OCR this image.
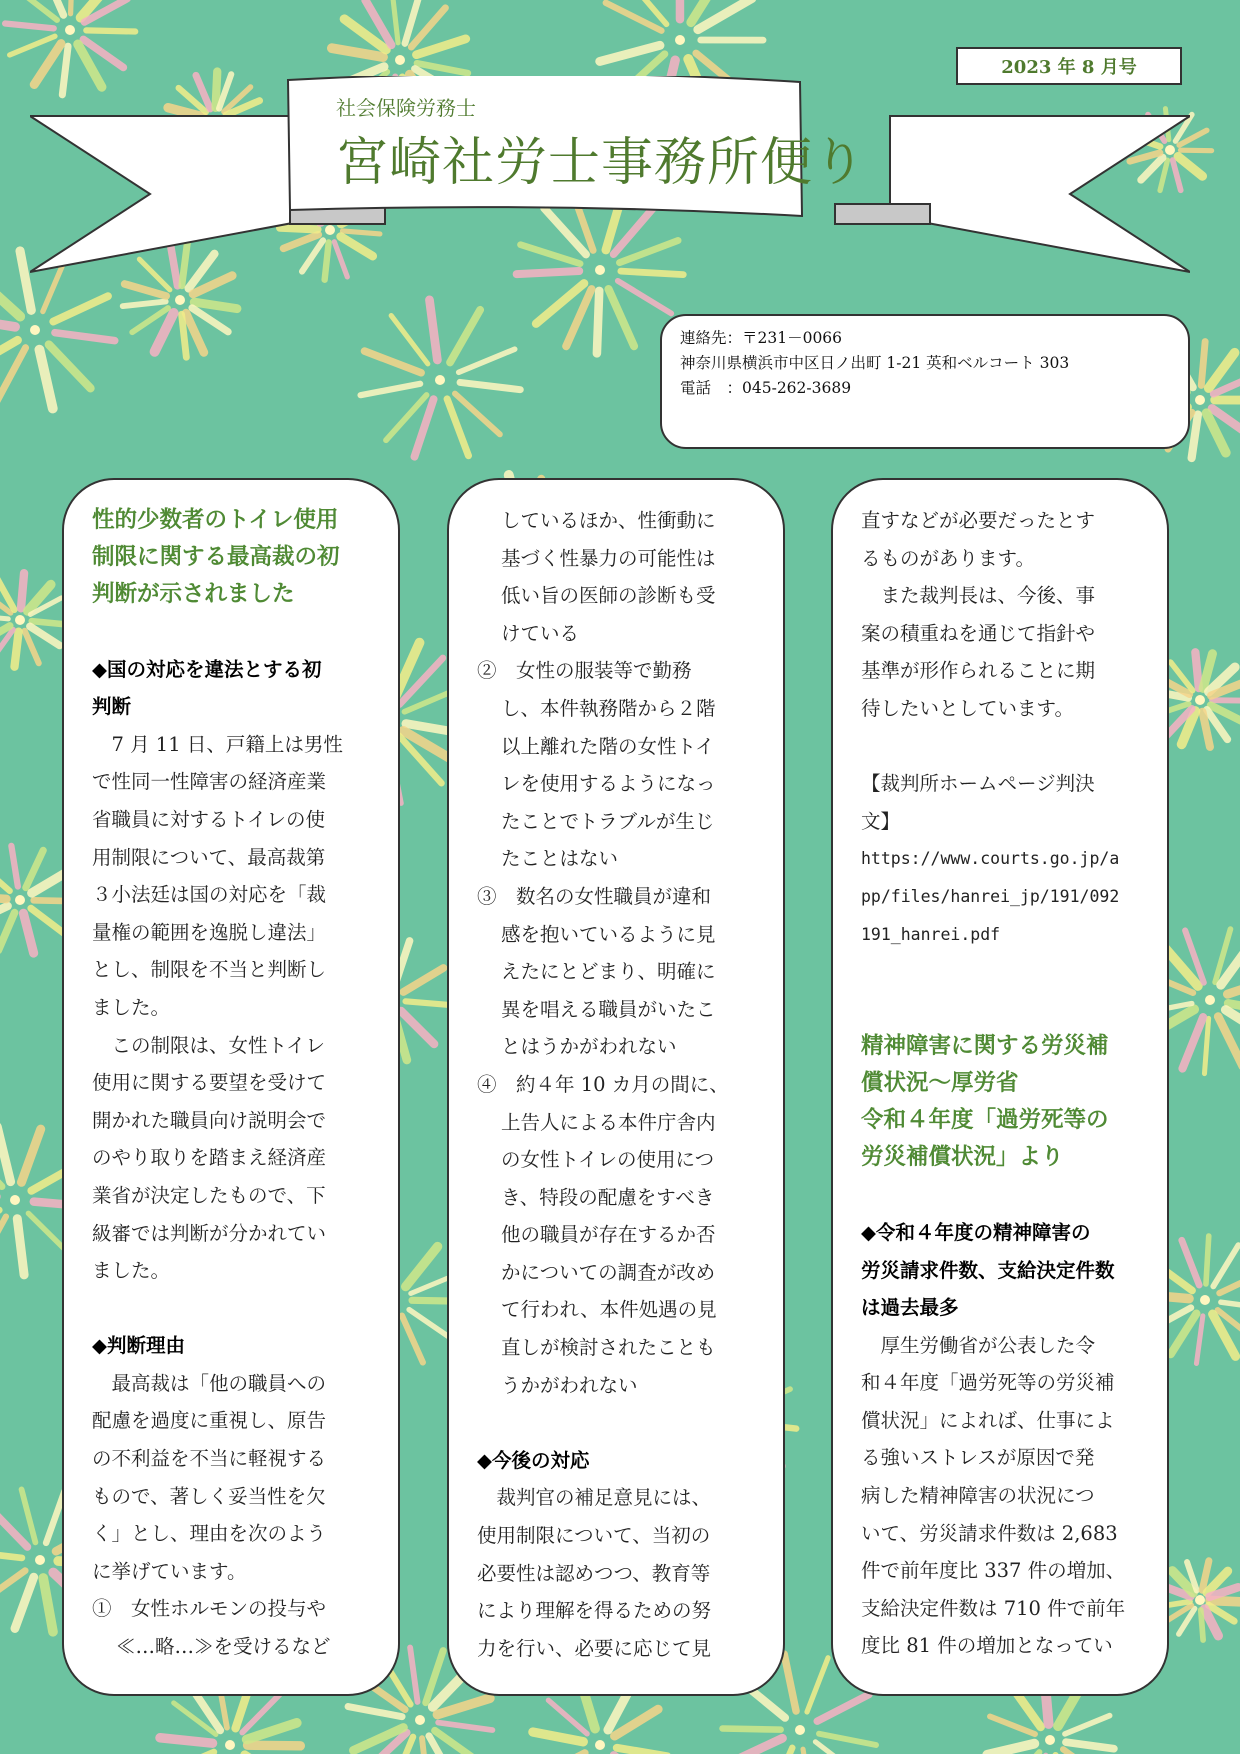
2023 年 8 月号
社会保険労務士
宮崎社労士事務所便り
連絡先：〒231－0066
神奈川県横浜市中区日ノ出町 1-21 英和ベルコート 303
電話　：045-262-3689

性的少数者のトイレ使用

制限に関する最高裁の初

判断が示されました

◆国の対応を違法とする初

判断

　7 月 11 日、戸籍上は男性

で性同一性障害の経済産業

省職員に対するトイレの使

用制限について、最高裁第

３小法廷は国の対応を「裁

量権の範囲を逸脱し違法」

とし、制限を不当と判断し

ました。

　この制限は、女性トイレ

使用に関する要望を受けて

開かれた職員向け説明会で

のやり取りを踏まえ経済産

業省が決定したもので、下

級審では判断が分かれてい

ました。

◆判断理由

　最高裁は「他の職員への

配慮を過度に重視し、原告

の不利益を不当に軽視する

もので、著しく妥当性を欠

く」とし、理由を次のよう

に挙げています。

①　女性ホルモンの投与や

≪…略…≫を受けるなど

しているほか、性衝動に

基づく性暴力の可能性は

低い旨の医師の診断も受

けている

②　女性の服装等で勤務

し、本件執務階から２階

以上離れた階の女性トイ

レを使用するようになっ

たことでトラブルが生じ

たことはない

③　数名の女性職員が違和

感を抱いているように見

えたにとどまり、明確に

異を唱える職員がいたこ

とはうかがわれない

④　約４年 10 カ月の間に、

上告人による本件庁舎内

の女性トイレの使用につ

き、特段の配慮をすべき

他の職員が存在するか否

かについての調査が改め

て行われ、本件処遇の見

直しが検討されたことも

うかがわれない

◆今後の対応

　裁判官の補足意見には、

使用制限について、当初の

必要性は認めつつ、教育等

により理解を得るための努

力を行い、必要に応じて見

直すなどが必要だったとす

るものがあります。

　また裁判長は、今後、事

案の積重ねを通じて指針や

基準が形作られることに期

待したいとしています。

【裁判所ホームページ判決

文】

https://www.courts.go.jp/a

pp/files/hanrei_jp/191/092

191_hanrei.pdf

精神障害に関する労災補

償状況～厚労省

令和４年度「過労死等の

労災補償状況」より

◆令和４年度の精神障害の

労災請求件数、支給決定件数

は過去最多

　厚生労働省が公表した令

和４年度「過労死等の労災補

償状況」によれば、仕事によ

る強いストレスが原因で発

病した精神障害の状況につ

いて、労災請求件数は 2,683

件で前年度比 337 件の増加、

支給決定件数は 710 件で前年

度比 81 件の増加となってい
